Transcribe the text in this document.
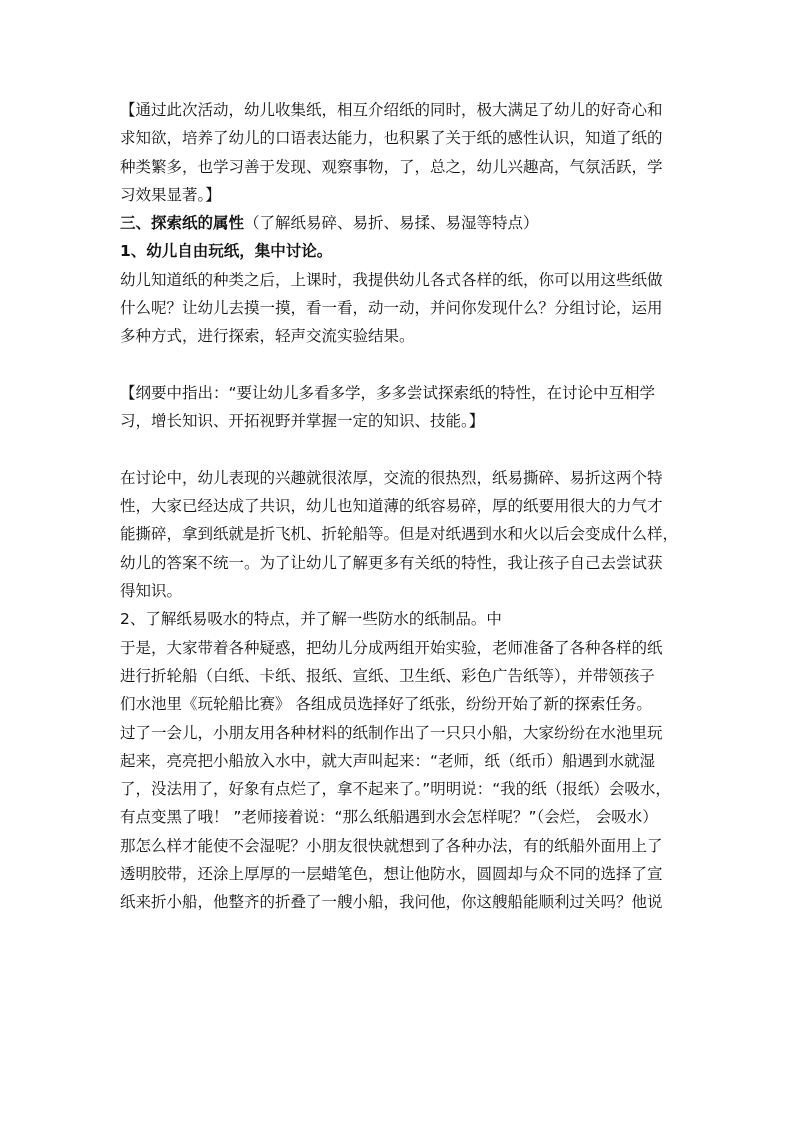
【通过此次活动，幼儿收集纸，相互介绍纸的同时，极大满足了幼儿的好奇心和
求知欲，培养了幼儿的口语表达能力，也积累了关于纸的感性认识，知道了纸的
种类繁多，也学习善于发现、观察事物，了，总之，幼儿兴趣高，气氛活跃，学
习效果显著。】
三、探索纸的属性（了解纸易碎、易折、易揉、易湿等特点）
1、幼儿自由玩纸，集中讨论。
幼儿知道纸的种类之后，上课时，我提供幼儿各式各样的纸，你可以用这些纸做
什么呢？让幼儿去摸一摸，看一看，动一动，并问你发现什么？分组讨论，运用
多种方式，进行探索，轻声交流实验结果。
【纲要中指出：“要让幼儿多看多学，多多尝试探索纸的特性，在讨论中互相学
习，增长知识、开拓视野并掌握一定的知识、技能。】
在讨论中，幼儿表现的兴趣就很浓厚，交流的很热烈，纸易撕碎、易折这两个特
性，大家已经达成了共识，幼儿也知道薄的纸容易碎，厚的纸要用很大的力气才
能撕碎，拿到纸就是折飞机、折轮船等。但是对纸遇到水和火以后会变成什么样，
幼儿的答案不统一。为了让幼儿了解更多有关纸的特性，我让孩子自己去尝试获
得知识。
2、了解纸易吸水的特点，并了解一些防水的纸制品。中
于是，大家带着各种疑惑，把幼儿分成两组开始实验，老师准备了各种各样的纸
进行折轮船（白纸、卡纸、报纸、宣纸、卫生纸、彩色广告纸等），并带领孩子
们水池里《玩轮船比赛》 各组成员选择好了纸张，纷纷开始了新的探索任务。
过了一会儿，小朋友用各种材料的纸制作出了一只只小船，大家纷纷在水池里玩
起来，亮亮把小船放入水中，就大声叫起来：“老师，纸（纸币）船遇到水就湿
了，没法用了，好象有点烂了，拿不起来了。”明明说：“我的纸（报纸）会吸水，
有点变黑了哦！ ”老师接着说：“那么纸船遇到水会怎样呢？”（会烂， 会吸水）
那怎么样才能使不会湿呢？小朋友很快就想到了各种办法，有的纸船外面用上了
透明胶带，还涂上厚厚的一层蜡笔色，想让他防水，圆圆却与众不同的选择了宣
纸来折小船，他整齐的折叠了一艘小船，我问他，你这艘船能顺利过关吗？他说
